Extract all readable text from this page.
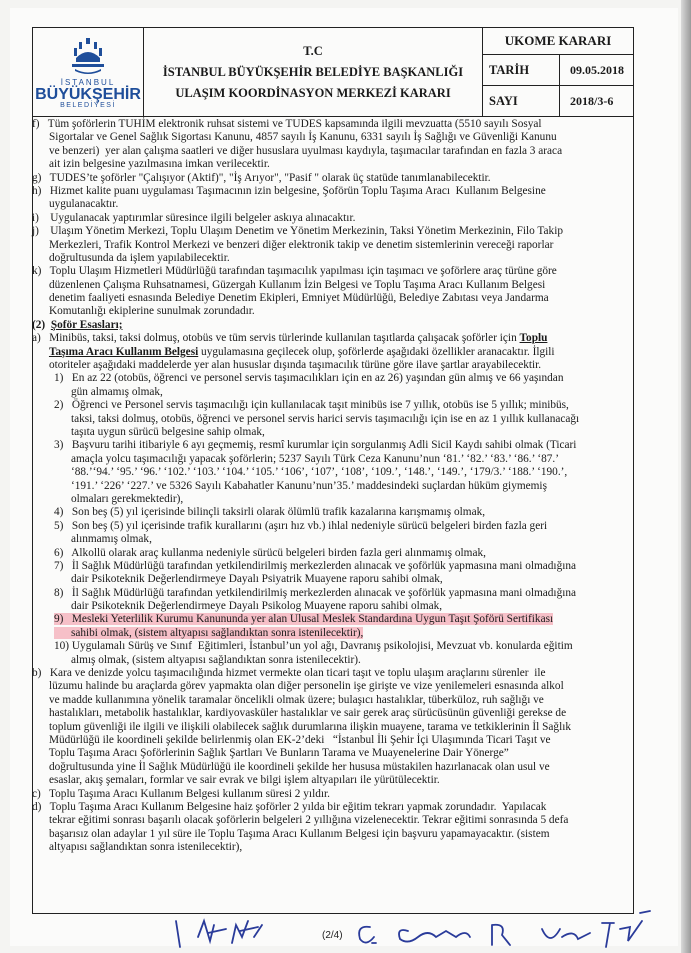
İSTANBUL
BÜYÜKŞEHİR
BELEDİYESİ
T.C
İSTANBUL BÜYÜKŞEHİR BELEDİYE BAŞKANLIĞI
ULAŞIM KOORDİNASYON MERKEZİ KARARI
UKOME KARARI
TARİH	09.05.2018
SAYI	2018/3-6
f)   Tüm şoförlerin TUHİM elektronik ruhsat sistemi ve TUDES kapsamında ilgili mevzuatta (5510 sayılı Sosyal
Sigortalar ve Genel Sağlık Sigortası Kanunu, 4857 sayılı İş Kanunu, 6331 sayılı İş Sağlığı ve Güvenliği Kanunu
ve benzeri)  yer alan çalışma saatleri ve diğer hususlara uyulması kaydıyla, taşımacılar tarafından en fazla 3 araca
ait izin belgesine yazılmasına imkan verilecektir.
g)   TUDES’te şoförler "Çalışıyor (Aktif)", "İş Arıyor", "Pasif " olarak üç statüde tanımlanabilecektir.
h)   Hizmet kalite puanı uygulaması Taşımacının izin belgesine, Şoförün Toplu Taşıma Aracı  Kullanım Belgesine
uygulanacaktır.
i)    Uygulanacak yaptırımlar süresince ilgili belgeler askıya alınacaktır.
j)    Ulaşım Yönetim Merkezi, Toplu Ulaşım Denetim ve Yönetim Merkezinin, Taksi Yönetim Merkezinin, Filo Takip
Merkezleri, Trafik Kontrol Merkezi ve benzeri diğer elektronik takip ve denetim sistemlerinin vereceği raporlar
doğrultusunda da işlem yapılabilecektir.
k)   Toplu Ulaşım Hizmetleri Müdürlüğü tarafından taşımacılık yapılması için taşımacı ve şoförlere araç türüne göre
düzenlenen Çalışma Ruhsatnamesi, Güzergah Kullanım İzin Belgesi ve Toplu Taşıma Aracı Kullanım Belgesi
denetim faaliyeti esnasında Belediye Denetim Ekipleri, Emniyet Müdürlüğü, Belediye Zabıtası veya Jandarma
Komutanlığı ekiplerine sunulmak zorundadır.
(2)  Şoför Esasları;
a)   Minibüs, taksi, taksi dolmuş, otobüs ve tüm servis türlerinde kullanılan taşıtlarda çalışacak şoförler için Toplu
Taşıma Aracı Kullanım Belgesi uygulamasına geçilecek olup, şoförlerde aşağıdaki özellikler aranacaktır. İlgili
otoriteler aşağıdaki maddelerde yer alan hususlar dışında taşımacılık türüne göre ilave şartlar arayabilecektir.
1)   En az 22 (otobüs, öğrenci ve personel servis taşımacılıkları için en az 26) yaşından gün almış ve 66 yaşından
gün almamış olmak,
2)   Öğrenci ve Personel servis taşımacılığı için kullanılacak taşıt minibüs ise 7 yıllık, otobüs ise 5 yıllık; minibüs,
taksi, taksi dolmuş, otobüs, öğrenci ve personel servis harici servis taşımacılığı için ise en az 1 yıllık kullanacağı
taşıta uygun sürücü belgesine sahip olmak,
3)   Başvuru tarihi itibariyle 6 ayı geçmemiş, resmî kurumlar için sorgulanmış Adli Sicil Kaydı sahibi olmak (Ticari
amaçla yolcu taşımacılığı yapacak şoförlerin; 5237 Sayılı Türk Ceza Kanunu’nun ‘81.’ ‘82.’ ‘83.’ ‘86.’ ‘87.’
‘88.’‘94.’ ‘95.’ ‘96.’ ‘102.’ ‘103.’ ‘104.’ ‘105.’ ‘106’, ‘107’, ‘108’, ‘109.’, ‘148.’, ‘149.’, ‘179/3.’ ‘188.’ ‘190.’,
‘191.’ ‘226’ ‘227.’ ve 5326 Sayılı Kabahatler Kanunu’nun’35.’ maddesindeki suçlardan hüküm giymemiş
olmaları gerekmektedir),
4)   Son beş (5) yıl içerisinde bilinçli taksirli olarak ölümlü trafik kazalarına karışmamış olmak,
5)   Son beş (5) yıl içerisinde trafik kurallarını (aşırı hız vb.) ihlal nedeniyle sürücü belgeleri birden fazla geri
alınmamış olmak,
6)   Alkollü olarak araç kullanma nedeniyle sürücü belgeleri birden fazla geri alınmamış olmak,
7)   İl Sağlık Müdürlüğü tarafından yetkilendirilmiş merkezlerden alınacak ve şoförlük yapmasına mani olmadığına
dair Psikoteknik Değerlendirmeye Dayalı Psiyatrik Muayene raporu sahibi olmak,
8)   İl Sağlık Müdürlüğü tarafından yetkilendirilmiş merkezlerden alınacak ve şoförlük yapmasına mani olmadığına
dair Psikoteknik Değerlendirmeye Dayalı Psikolog Muayene raporu sahibi olmak,
9)   Mesleki Yeterlilik Kurumu Kanununda yer alan Ulusal Meslek Standardına Uygun Taşıt Şoförü Sertifikası
sahibi olmak, (sistem altyapısı sağlandıktan sonra istenilecektir),
10) Uygulamalı Sürüş ve Sınıf  Eğitimleri, İstanbul’un yol ağı, Davranış psikolojisi, Mevzuat vb. konularda eğitim
almış olmak, (sistem altyapısı sağlandıktan sonra istenilecektir).
b)   Kara ve denizde yolcu taşımacılığında hizmet vermekte olan ticari taşıt ve toplu ulaşım araçlarını sürenler  ile
lüzumu halinde bu araçlarda görev yapmakta olan diğer personelin işe girişte ve vize yenilemeleri esnasında alkol
ve madde kullanımına yönelik taramalar öncelikli olmak üzere; bulaşıcı hastalıklar, tüberküloz, ruh sağlığı ve
hastalıkları, metabolik hastalıklar, kardiyovasküler hastalıklar ve sair gerek araç sürücüsünün güvenliği gerekse de
toplum güvenliği ile ilgili ve ilişkili olabilecek sağlık durumlarına ilişkin muayene, tarama ve tetkiklerinin İl Sağlık
Müdürlüğü ile koordineli şekilde belirlenmiş olan EK-2’deki   “İstanbul İli Şehir İçi Ulaşımında Ticari Taşıt ve
Toplu Taşıma Aracı Şoförlerinin Sağlık Şartları Ve Bunların Tarama ve Muayenelerine Dair Yönerge”
doğrultusunda yine İl Sağlık Müdürlüğü ile koordineli şekilde her hususa müstakilen hazırlanacak olan usul ve
esaslar, akış şemaları, formlar ve sair evrak ve bilgi işlem altyapıları ile yürütülecektir.
c)   Toplu Taşıma Aracı Kullanım Belgesi kullanım süresi 2 yıldır.
d)   Toplu Taşıma Aracı Kullanım Belgesine haiz şoförler 2 yılda bir eğitim tekrarı yapmak zorundadır.  Yapılacak
tekrar eğitimi sonrası başarılı olacak şoförlerin belgeleri 2 yıllığına vizelenecektir. Tekrar eğitimi sonrasında 5 defa
başarısız olan adaylar 1 yıl süre ile Toplu Taşıma Aracı Kullanım Belgesi için başvuru yapamayacaktır. (sistem
altyapısı sağlandıktan sonra istenilecektir),
(2/4)
